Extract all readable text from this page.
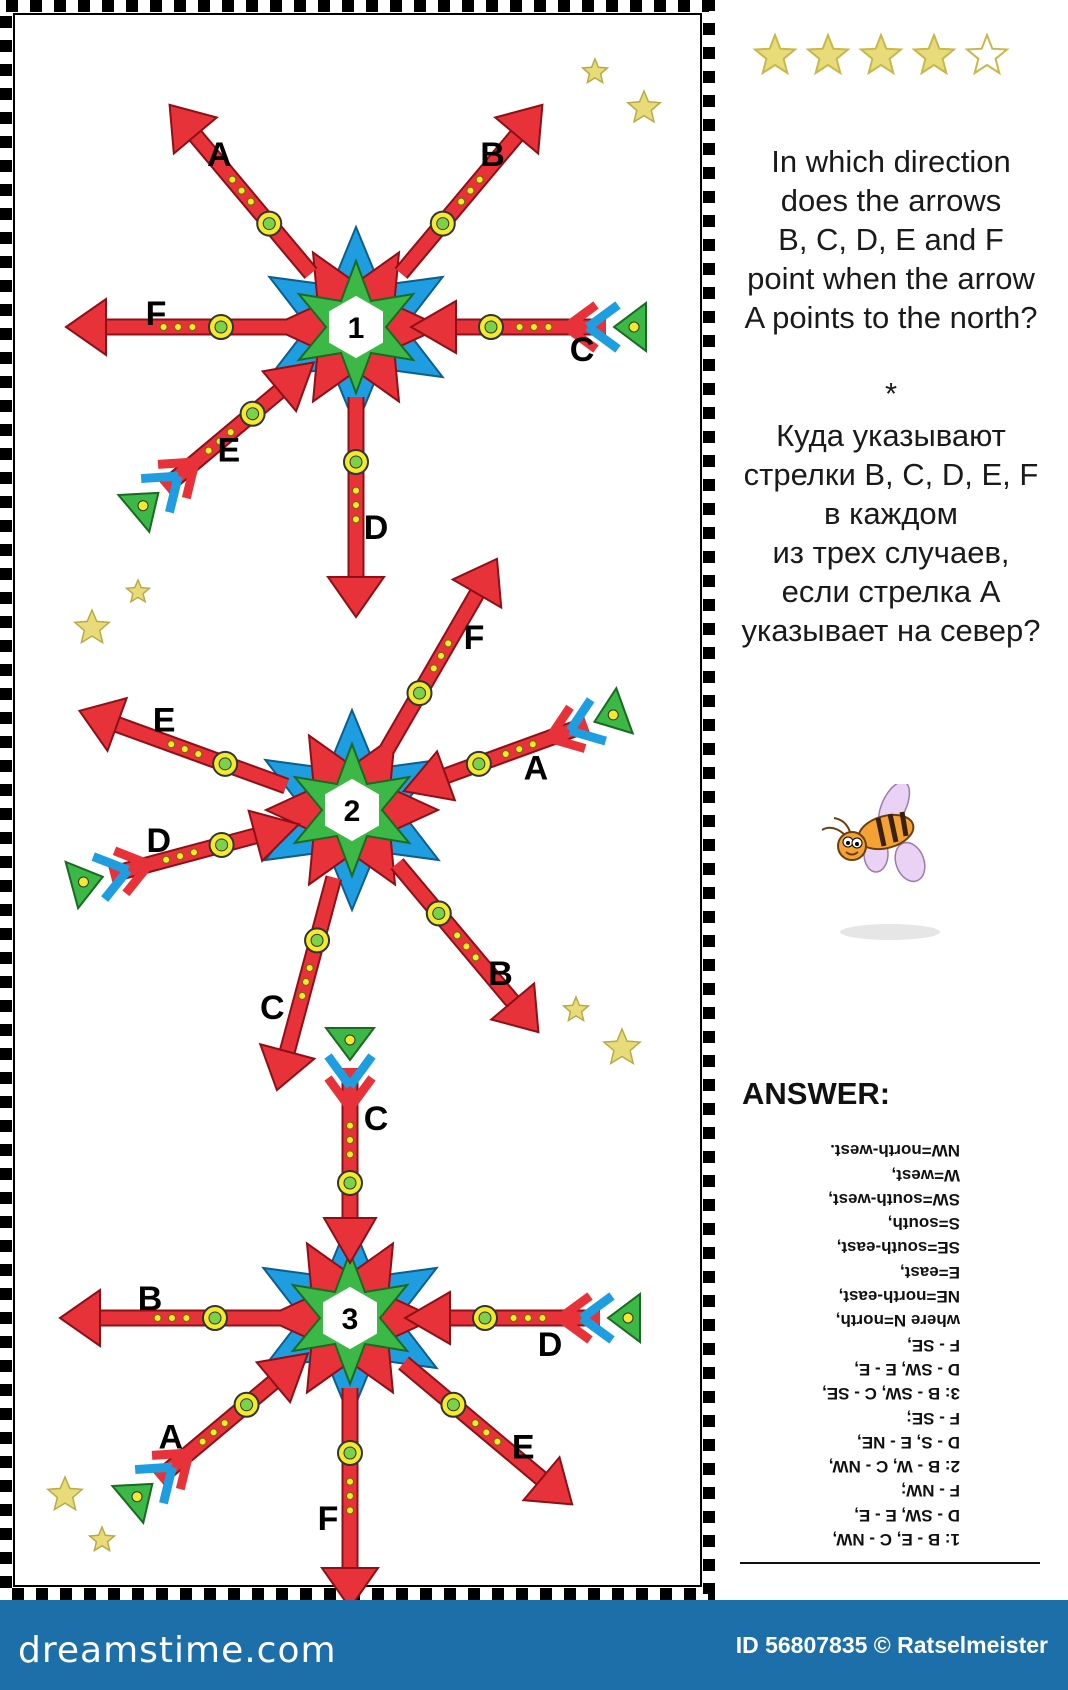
A	B
C
D
E
F	1
A
B
C
D
E
F
2
C
D
E
F
A
B
3
In which direction
does the arrows
B, C, D, E and F
point when the arrow
A points to the north?
*
Куда указывают
стрелки B, C, D, E, F
в каждом
из трех случаев,
если стрелка А
указывает на север?
ANSWER:
1: B - E, C - NW,
D - SW, E - E,
F - NW;
2: B - W, C - NW,
D - S, E - NE,
F - SE;
3: B - SW, C - SE,
D - SW, E - E,
F - SE,
where N=north,
NE=north-east,
E=east,
SE=south-east,
S=south,
SW=south-west,
W=west,
NW=north-west.
dreamstime.com	ID 56807835 © Ratselmeister
